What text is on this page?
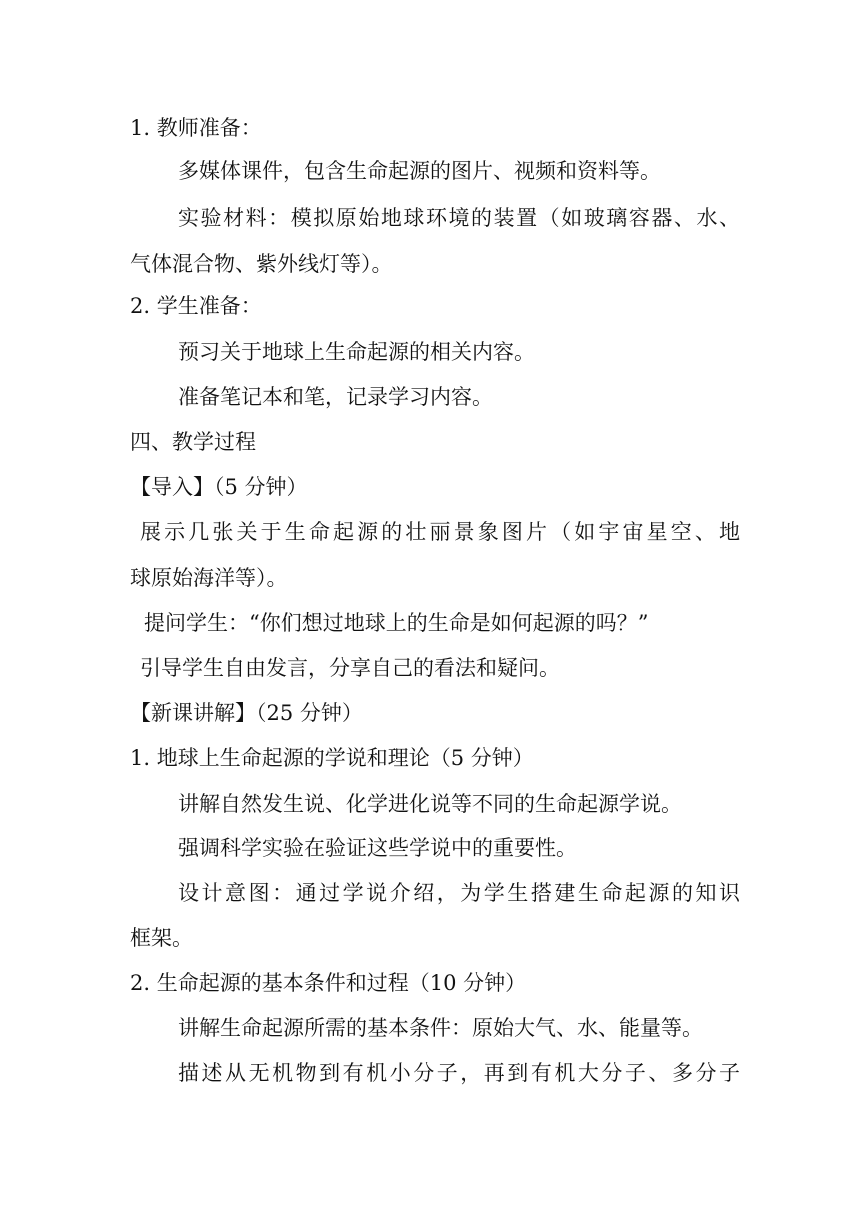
1. 教师准备：
多媒体课件，包含生命起源的图片、视频和资料等。
实验材料：模拟原始地球环境的装置（如玻璃容器、水、
气体混合物、紫外线灯等）。
2. 学生准备：
预习关于地球上生命起源的相关内容。
准备笔记本和笔，记录学习内容。
四、教学过程
【导入】（5 分钟）
展示几张关于生命起源的壮丽景象图片（如宇宙星空、地
球原始海洋等）。
提问学生：“你们想过地球上的生命是如何起源的吗？”
引导学生自由发言，分享自己的看法和疑问。
【新课讲解】（25 分钟）
1. 地球上生命起源的学说和理论（5 分钟）
讲解自然发生说、化学进化说等不同的生命起源学说。
强调科学实验在验证这些学说中的重要性。
设计意图：通过学说介绍，为学生搭建生命起源的知识
框架。
2. 生命起源的基本条件和过程（10 分钟）
讲解生命起源所需的基本条件：原始大气、水、能量等。
描述从无机物到有机小分子，再到有机大分子、多分子
